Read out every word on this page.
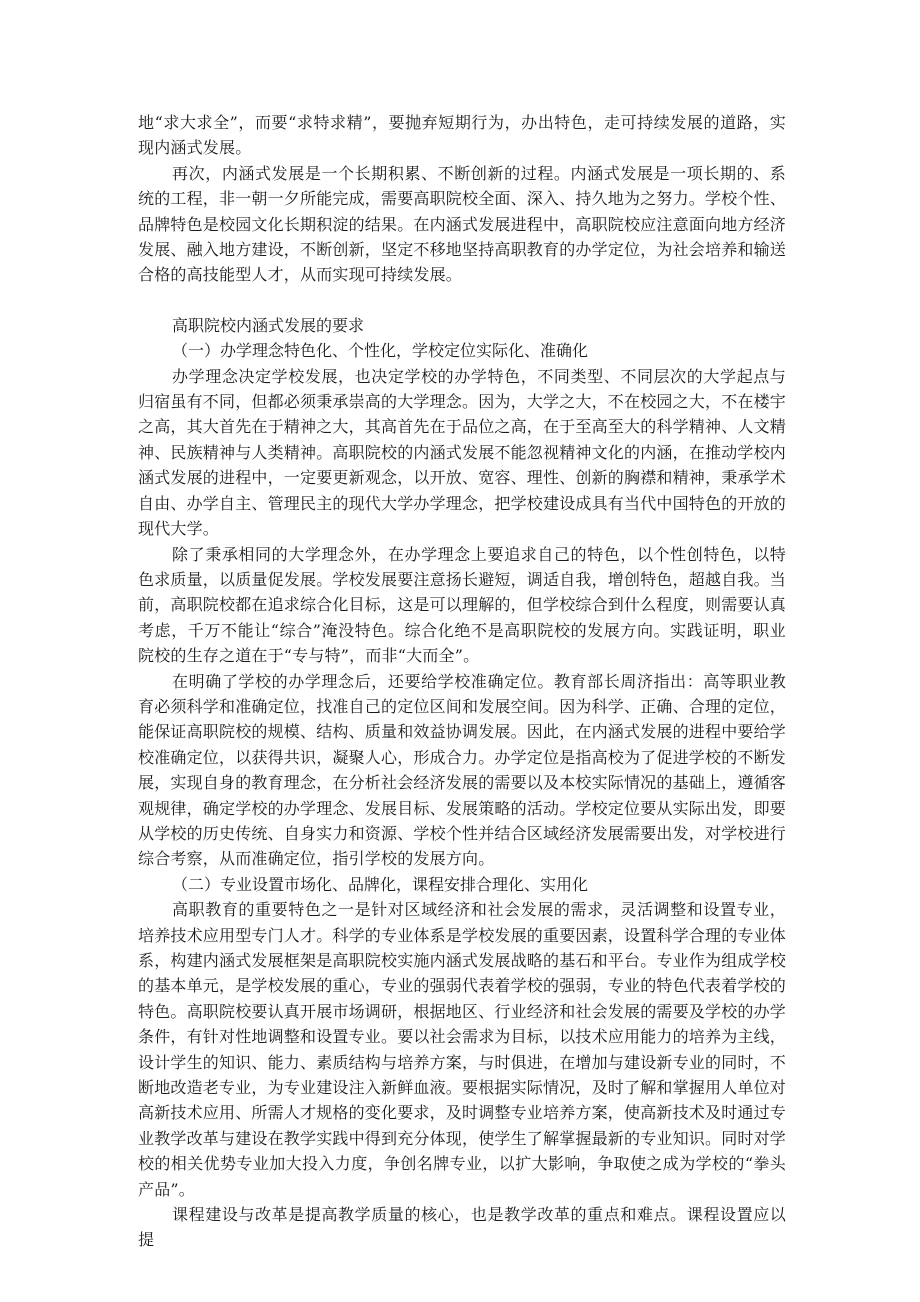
地“求大求全”，而要“求特求精”，要抛弃短期行为，办出特色，走可持续发展的道路，实现内涵式发展。

再次，内涵式发展是一个长期积累、不断创新的过程。内涵式发展是一项长期的、系统的工程，非一朝一夕所能完成，需要高职院校全面、深入、持久地为之努力。学校个性、品牌特色是校园文化长期积淀的结果。在内涵式发展进程中，高职院校应注意面向地方经济发展、融入地方建设，不断创新，坚定不移地坚持高职教育的办学定位，为社会培养和输送合格的高技能型人才，从而实现可持续发展。

高职院校内涵式发展的要求

（一）办学理念特色化、个性化，学校定位实际化、准确化

办学理念决定学校发展，也决定学校的办学特色，不同类型、不同层次的大学起点与归宿虽有不同，但都必须秉承崇高的大学理念。因为，大学之大，不在校园之大，不在楼宇之高，其大首先在于精神之大，其高首先在于品位之高，在于至高至大的科学精神、人文精神、民族精神与人类精神。高职院校的内涵式发展不能忽视精神文化的内涵，在推动学校内涵式发展的进程中，一定要更新观念，以开放、宽容、理性、创新的胸襟和精神，秉承学术自由、办学自主、管理民主的现代大学办学理念，把学校建设成具有当代中国特色的开放的现代大学。

除了秉承相同的大学理念外，在办学理念上要追求自己的特色，以个性创特色，以特色求质量，以质量促发展。学校发展要注意扬长避短，调适自我，增创特色，超越自我。当前，高职院校都在追求综合化目标，这是可以理解的，但学校综合到什么程度，则需要认真考虑，千万不能让“综合”淹没特色。综合化绝不是高职院校的发展方向。实践证明，职业院校的生存之道在于“专与特”，而非“大而全”。

在明确了学校的办学理念后，还要给学校准确定位。教育部长周济指出：高等职业教育必须科学和准确定位，找准自己的定位区间和发展空间。因为科学、正确、合理的定位，能保证高职院校的规模、结构、质量和效益协调发展。因此，在内涵式发展的进程中要给学校准确定位，以获得共识，凝聚人心，形成合力。办学定位是指高校为了促进学校的不断发展，实现自身的教育理念，在分析社会经济发展的需要以及本校实际情况的基础上，遵循客观规律，确定学校的办学理念、发展目标、发展策略的活动。学校定位要从实际出发，即要从学校的历史传统、自身实力和资源、学校个性并结合区域经济发展需要出发，对学校进行综合考察，从而准确定位，指引学校的发展方向。

（二）专业设置市场化、品牌化，课程安排合理化、实用化

高职教育的重要特色之一是针对区域经济和社会发展的需求，灵活调整和设置专业，培养技术应用型专门人才。科学的专业体系是学校发展的重要因素，设置科学合理的专业体系，构建内涵式发展框架是高职院校实施内涵式发展战略的基石和平台。专业作为组成学校的基本单元，是学校发展的重心，专业的强弱代表着学校的强弱，专业的特色代表着学校的特色。高职院校要认真开展市场调研，根据地区、行业经济和社会发展的需要及学校的办学条件，有针对性地调整和设置专业。要以社会需求为目标，以技术应用能力的培养为主线，设计学生的知识、能力、素质结构与培养方案，与时俱进，在增加与建设新专业的同时，不断地改造老专业，为专业建设注入新鲜血液。要根据实际情况，及时了解和掌握用人单位对高新技术应用、所需人才规格的变化要求，及时调整专业培养方案，使高新技术及时通过专业教学改革与建设在教学实践中得到充分体现，使学生了解掌握最新的专业知识。同时对学校的相关优势专业加大投入力度，争创名牌专业，以扩大影响，争取使之成为学校的“拳头产品”。

课程建设与改革是提高教学质量的核心，也是教学改革的重点和难点。课程设置应以提
